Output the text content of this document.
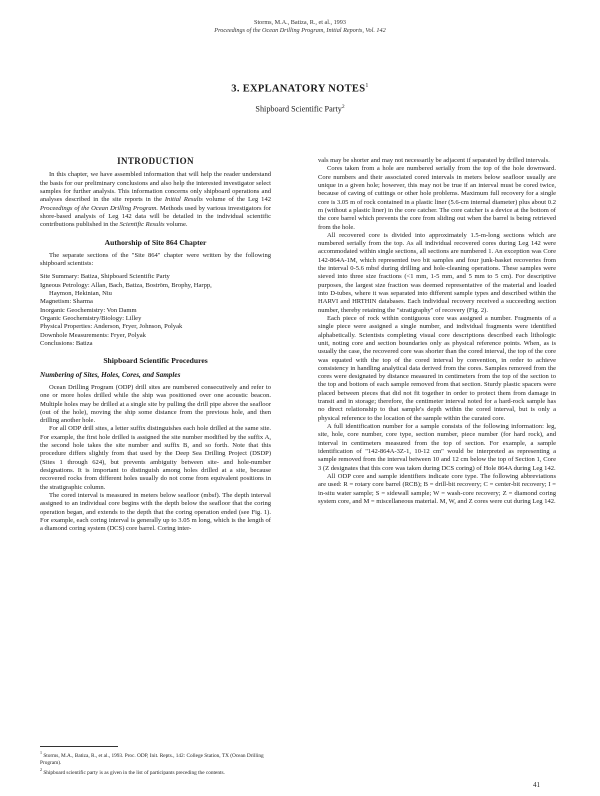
Storms, M.A., Batiza, R., et al., 1993
Proceedings of the Ocean Drilling Program, Initial Reports, Vol. 142
3. EXPLANATORY NOTES$^1$
Shipboard Scientific Party$^2$
INTRODUCTION

In this chapter, we have assembled information that will help the reader understand the basis for our preliminary conclusions and also help the interested investigator select samples for further analysis. This information concerns only shipboard operations and analyses described in the site reports in the Initial Results volume of the Leg 142 Proceedings of the Ocean Drilling Program. Methods used by various investigators for shore-based analysis of Leg 142 data will be detailed in the individual scientific contributions published in the Scientific Results volume.

Authorship of Site 864 Chapter

The separate sections of the "Site 864" chapter were written by the following shipboard scientists:

Site Summary: Batiza, Shipboard Scientific Party
Igneous Petrology: Allan, Bach, Batiza, Boström, Brophy, Harpp,
Haymon, Hekinian, Niu
Magnetism: Sharma
Inorganic Geochemistry: Von Damm
Organic Geochemistry/Biology: Lilley
Physical Properties: Anderson, Fryer, Johnson, Polyak
Downhole Measurements: Fryer, Polyak
Conclusions: Batiza
Shipboard Scientific Procedures
Numbering of Sites, Holes, Cores, and Samples

Ocean Drilling Program (ODP) drill sites are numbered consecutively and refer to one or more holes drilled while the ship was positioned over one acoustic beacon. Multiple holes may be drilled at a single site by pulling the drill pipe above the seafloor (out of the hole), moving the ship some distance from the previous hole, and then drilling another hole.

For all ODP drill sites, a letter suffix distinguishes each hole drilled at the same site. For example, the first hole drilled is assigned the site number modified by the suffix A, the second hole takes the site number and suffix B, and so forth. Note that this procedure differs slightly from that used by the Deep Sea Drilling Project (DSDP) (Sites 1 through 624), but prevents ambiguity between site- and hole-number designations. It is important to distinguish among holes drilled at a site, because recovered rocks from different holes usually do not come from equivalent positions in the stratigraphic column.

The cored interval is measured in meters below seafloor (mbsf). The depth interval assigned to an individual core begins with the depth below the seafloor that the coring operation began, and extends to the depth that the coring operation ended (see Fig. 1). For example, each coring interval is generally up to 3.05 m long, which is the length of a diamond coring system (DCS) core barrel. Coring inter-

vals may be shorter and may not necessarily be adjacent if separated by drilled intervals.

Cores taken from a hole are numbered serially from the top of the hole downward. Core numbers and their associated cored intervals in meters below seafloor usually are unique in a given hole; however, this may not be true if an interval must be cored twice, because of caving of cuttings or other hole problems. Maximum full recovery for a single core is 3.05 m of rock contained in a plastic liner (5.6-cm internal diameter) plus about 0.2 m (without a plastic liner) in the core catcher. The core catcher is a device at the bottom of the core barrel which prevents the core from sliding out when the barrel is being retrieved from the hole.

All recovered core is divided into approximately 1.5-m-long sections which are numbered serially from the top. As all individual recovered cores during Leg 142 were accommodated within single sections, all sections are numbered 1. An exception was Core 142-864A-1M, which represented two bit samples and four junk-basket recoveries from the interval 0-5.6 mbsf during drilling and hole-cleaning operations. These samples were sieved into three size fractions (<1 mm, 1-5 mm, and 5 mm to 5 cm). For descriptive purposes, the largest size fraction was deemed representative of the material and loaded into D-tubes, where it was separated into different sample types and described within the HARVI and HRTHIN databases. Each individual recovery received a succeeding section number, thereby retaining the "stratigraphy" of recovery (Fig. 2).

Each piece of rock within contiguous core was assigned a number. Fragments of a single piece were assigned a single number, and individual fragments were identified alphabetically. Scientists completing visual core descriptions described each lithologic unit, noting core and section boundaries only as physical reference points. When, as is usually the case, the recovered core was shorter than the cored interval, the top of the core was equated with the top of the cored interval by convention, in order to achieve consistency in handling analytical data derived from the cores. Samples removed from the cores were designated by distance measured in centimeters from the top of the section to the top and bottom of each sample removed from that section. Sturdy plastic spacers were placed between pieces that did not fit together in order to protect them from damage in transit and in storage; therefore, the centimeter interval noted for a hard-rock sample has no direct relationship to that sample's depth within the cored interval, but is only a physical reference to the location of the sample within the curated core.

A full identification number for a sample consists of the following information: leg, site, hole, core number, core type, section number, piece number (for hard rock), and interval in centimeters measured from the top of section. For example, a sample identification of "142-864A-3Z-1, 10-12 cm" would be interpreted as representing a sample removed from the interval between 10 and 12 cm below the top of Section 1, Core 3 (Z designates that this core was taken during DCS coring) of Hole 864A during Leg 142.

All ODP core and sample identifiers indicate core type. The following abbreviations are used: R = rotary core barrel (RCB); B = drill-bit recovery; C = center-bit recovery; I = in-situ water sample; S = sidewall sample; W = wash-core recovery; Z = diamond coring system core, and M = miscellaneous material. M, W, and Z cores were cut during Leg 142.

$^1$ Storms, M.A., Batiza, R., et al., 1993. Proc. ODP, Init. Repts., 142: College Station, TX (Ocean Drilling Program).
$^2$ Shipboard scientific party is as given in the list of participants preceding the contents.
41
